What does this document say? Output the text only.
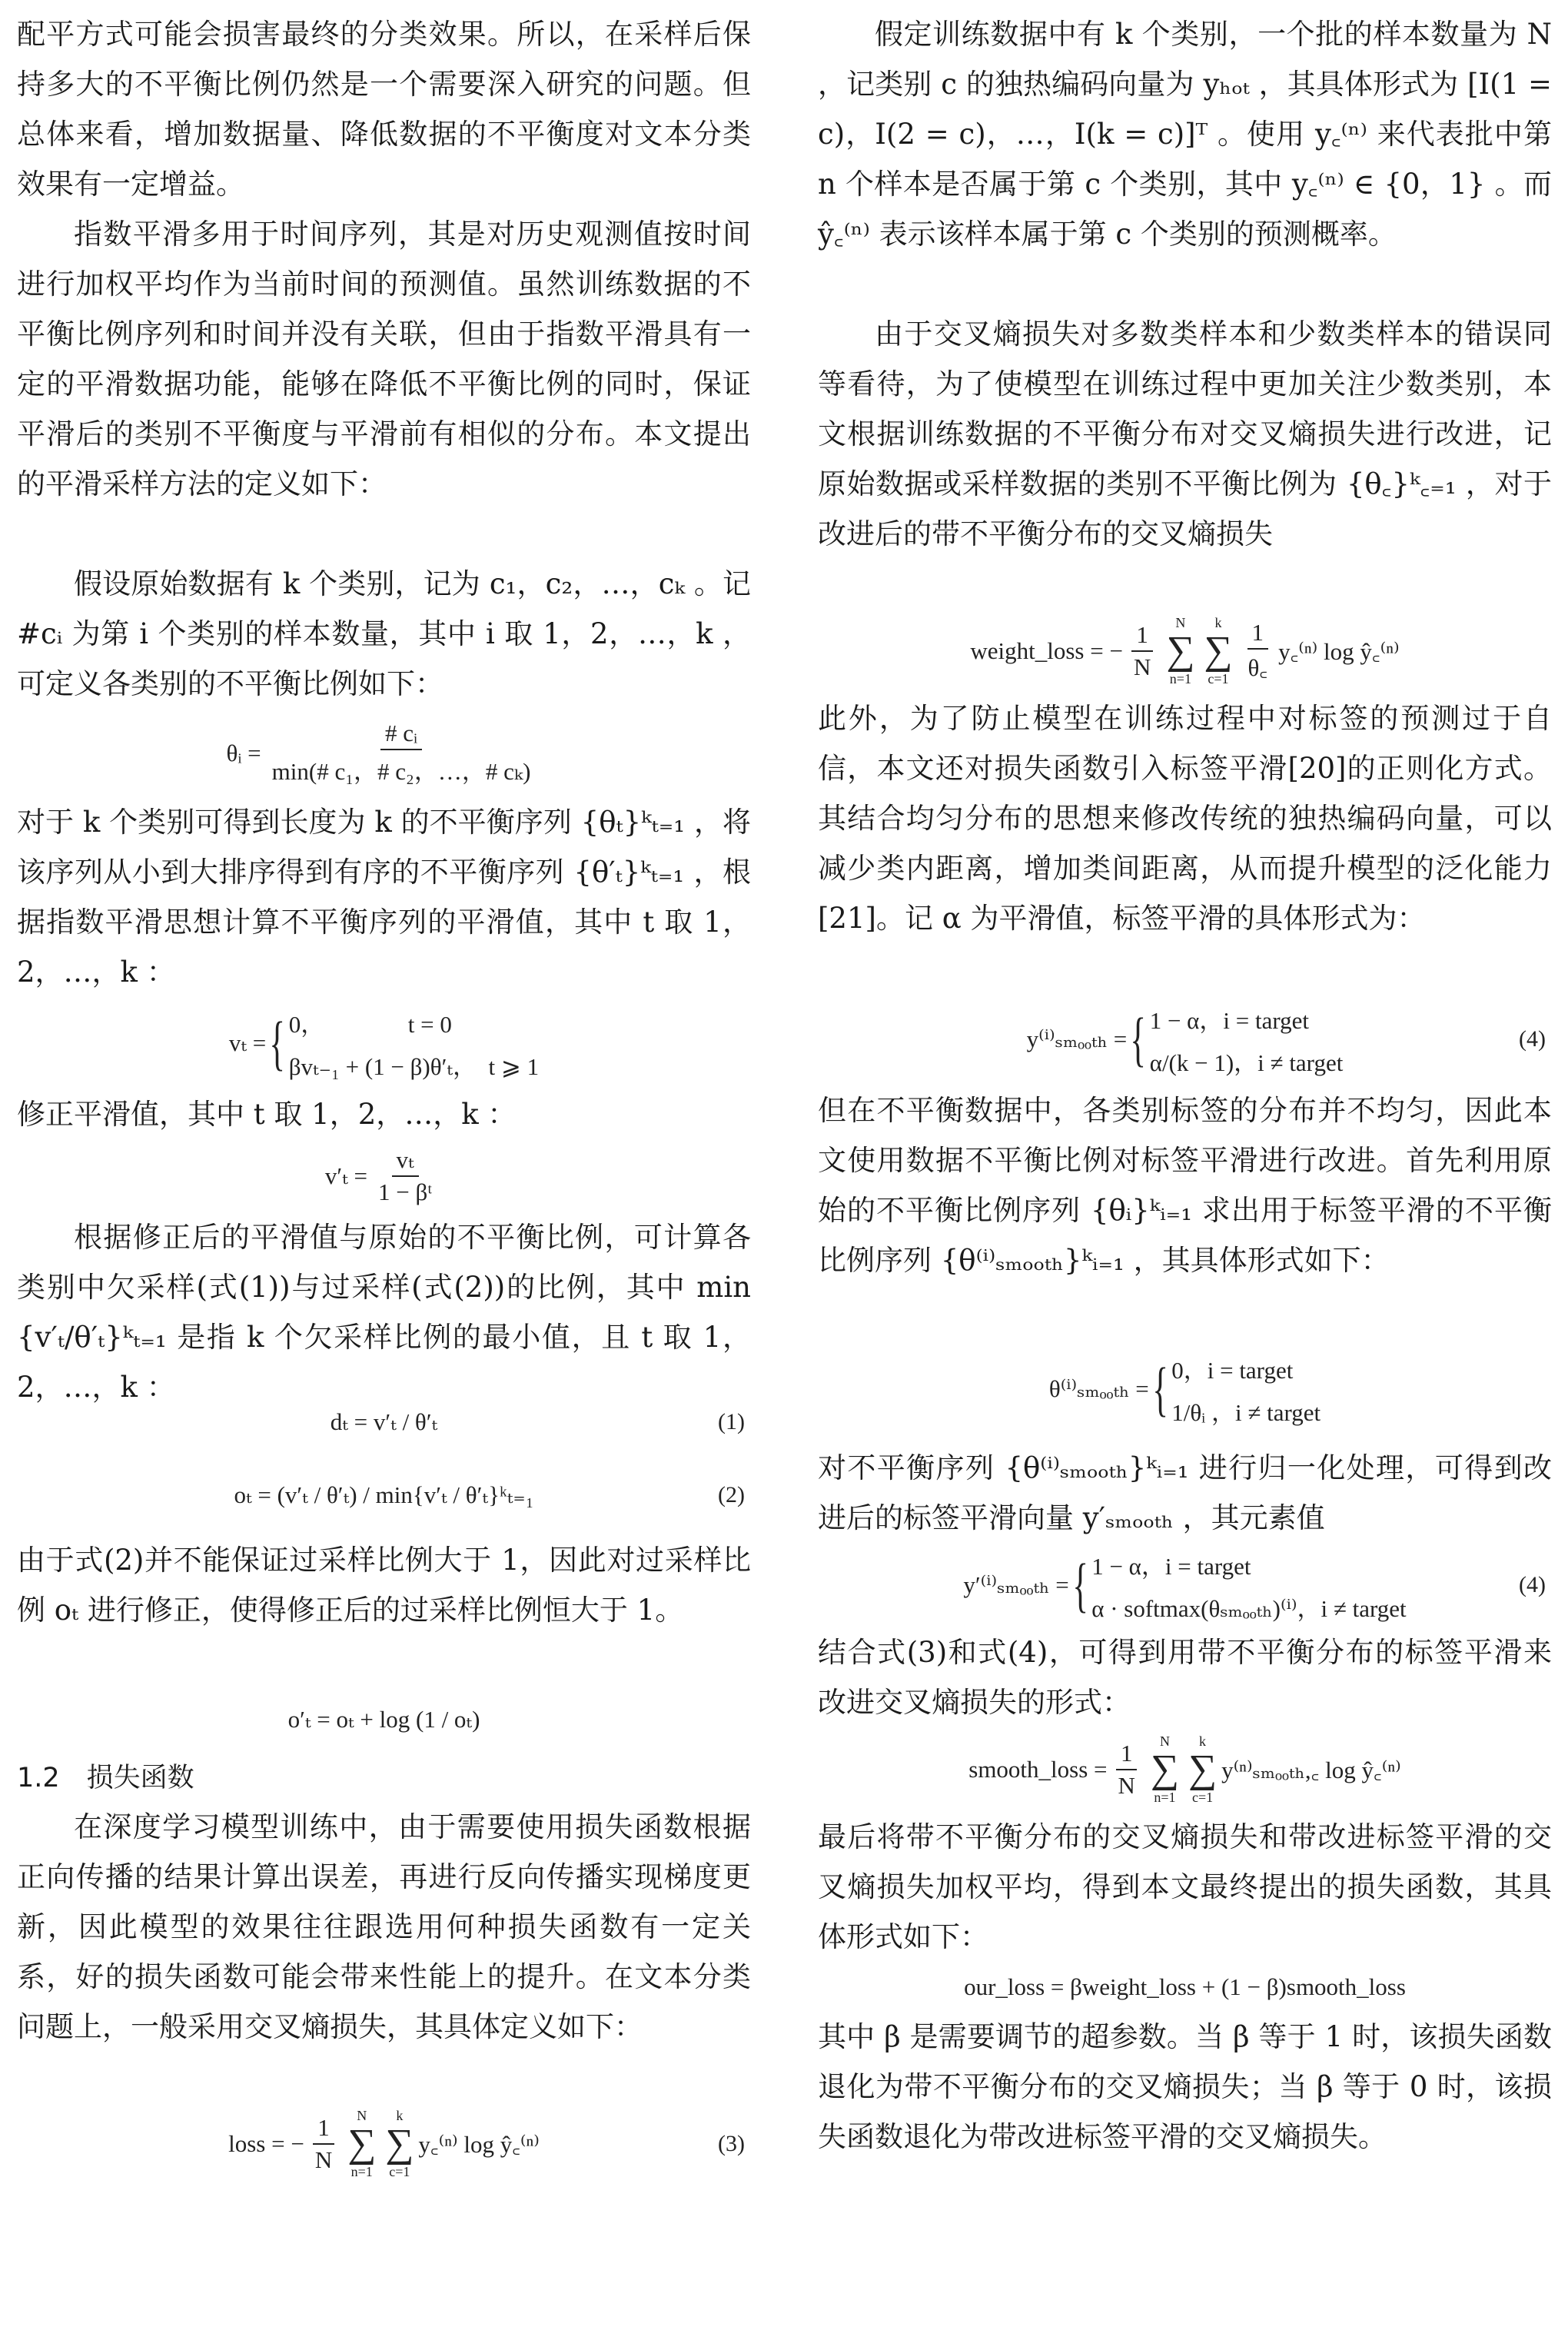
配平方式可能会损害最终的分类效果。所以，在采样后保持多大的不平衡比例仍然是一个需要深入研究的问题。但总体来看，增加数据量、降低数据的不平衡度对文本分类效果有一定增益。

指数平滑多用于时间序列，其是对历史观测值按时间进行加权平均作为当前时间的预测值。虽然训练数据的不平衡比例序列和时间并没有关联，但由于指数平滑具有一定的平滑数据功能，能够在降低不平衡比例的同时，保证平滑后的类别不平衡度与平滑前有相似的分布。本文提出的平滑采样方法的定义如下：

假设原始数据有 k 个类别，记为 c₁，c₂，…，cₖ 。记 #cᵢ 为第 i 个类别的样本数量，其中 i 取 1，2，…，k ，可定义各类别的不平衡比例如下：

θᵢ = $\frac{\text{\# cᵢ}}{\text{min(\# c₁，\# c₂，…，\# cₖ)}}$

对于 k 个类别可得到长度为 k 的不平衡序列 {θₜ}ᵏₜ₌₁ ，将该序列从小到大排序得到有序的不平衡序列 {θ′ₜ}ᵏₜ₌₁ ，根据指数平滑思想计算不平衡序列的平滑值，其中 t 取 1，2，…，k ：

vₜ = { 0，　　　　	t = 0
βvₜ₋₁ + (1 − β)θ′ₜ，　 t ⩾ 1

修正平滑值，其中 t 取 1，2，…，k ：

$v'_t = \frac{\text{vₜ}}{\text{1 − βᵗ}}$

根据修正后的平滑值与原始的不平衡比例，可计算各类别中欠采样(式(1))与过采样(式(2))的比例，其中 min{v′ₜ/θ′ₜ}ᵏₜ₌₁ 是指 k 个欠采样比例的最小值，且 t 取 1，2，…，k ：

dₜ = v′ₜ / θ′ₜ	(1)
oₜ = (v′ₜ / θ′ₜ) / min{v′ₜ / θ′ₜ}ᵏₜ₌₁	(2)

由于式(2)并不能保证过采样比例大于 1，因此对过采样比例 oₜ 进行修正，使得修正后的过采样比例恒大于 1。

o′ₜ = oₜ + log (1 / oₜ)
1.2　损失函数

在深度学习模型训练中，由于需要使用损失函数根据正向传播的结果计算出误差，再进行反向传播实现梯度更新，因此模型的效果往往跟选用何种损失函数有一定关系，好的损失函数可能会带来性能上的提升。在文本分类问题上，一般采用交叉熵损失，其具体定义如下：

loss = − $\frac{1}{N}$ N
∑
n=1
k
∑
c=1
y꜀⁽ⁿ⁾ log ŷ꜀⁽ⁿ⁾	(3)

假定训练数据中有 k 个类别，一个批的样本数量为 N ，记类别 c 的独热编码向量为 yₕₒₜ ，其具体形式为 [I(1 = c)，I(2 = c)，…，I(k = c)]ᵀ 。使用 y꜀⁽ⁿ⁾ 来代表批中第 n 个样本是否属于第 c 个类别，其中 y꜀⁽ⁿ⁾ ∈ {0，1} 。而 ŷ꜀⁽ⁿ⁾ 表示该样本属于第 c 个类别的预测概率。

由于交叉熵损失对多数类样本和少数类样本的错误同等看待，为了使模型在训练过程中更加关注少数类别，本文根据训练数据的不平衡分布对交叉熵损失进行改进，记原始数据或采样数据的类别不平衡比例为 {θ꜀}ᵏ꜀₌₁ ，对于改进后的带不平衡分布的交叉熵损失

weight_loss = − $\frac{1}{N}$ N
∑
n=1
k
∑
$c=1 \frac{1}{\theta꜀}$ y꜀⁽ⁿ⁾ log ŷ꜀⁽ⁿ⁾

此外，为了防止模型在训练过程中对标签的预测过于自信，本文还对损失函数引入标签平滑[20]的正则化方式。其结合均匀分布的思想来修改传统的独热编码向量，可以减少类内距离，增加类间距离，从而提升模型的泛化能力[21]。记 α 为平滑值，标签平滑的具体形式为：

y⁽ⁱ⁾ₛₘₒₒₜₕ = { 1 − α，i = target
α/(k − 1)，i ≠ target
(4)

但在不平衡数据中，各类别标签的分布并不均匀，因此本文使用数据不平衡比例对标签平滑进行改进。首先利用原始的不平衡比例序列 {θᵢ}ᵏᵢ₌₁ 求出用于标签平滑的不平衡比例序列 {θ⁽ⁱ⁾ₛₘₒₒₜₕ}ᵏᵢ₌₁ ，其具体形式如下：

θ⁽ⁱ⁾ₛₘₒₒₜₕ = { 0，i = target
1/θᵢ ，i ≠ target

对不平衡序列 {θ⁽ⁱ⁾ₛₘₒₒₜₕ}ᵏᵢ₌₁ 进行归一化处理，可得到改进后的标签平滑向量 y′ₛₘₒₒₜₕ ，其元素值

y′⁽ⁱ⁾ₛₘₒₒₜₕ = { 1 − α，i = target
α · softmax(θₛₘₒₒₜₕ)⁽ⁱ⁾，i ≠ target
(4)

结合式(3)和式(4)，可得到用带不平衡分布的标签平滑来改进交叉熵损失的形式：

smooth_loss = $\frac{1}{N}$ N
∑
n=1
k
∑
c=1
y⁽ⁿ⁾ₛₘₒₒₜₕ,꜀ log ŷ꜀⁽ⁿ⁾

最后将带不平衡分布的交叉熵损失和带改进标签平滑的交叉熵损失加权平均，得到本文最终提出的损失函数，其具体形式如下：

our_loss = βweight_loss + (1 − β)smooth_loss

其中 β 是需要调节的超参数。当 β 等于 1 时，该损失函数退化为带不平衡分布的交叉熵损失；当 β 等于 0 时，该损失函数退化为带改进标签平滑的交叉熵损失。
